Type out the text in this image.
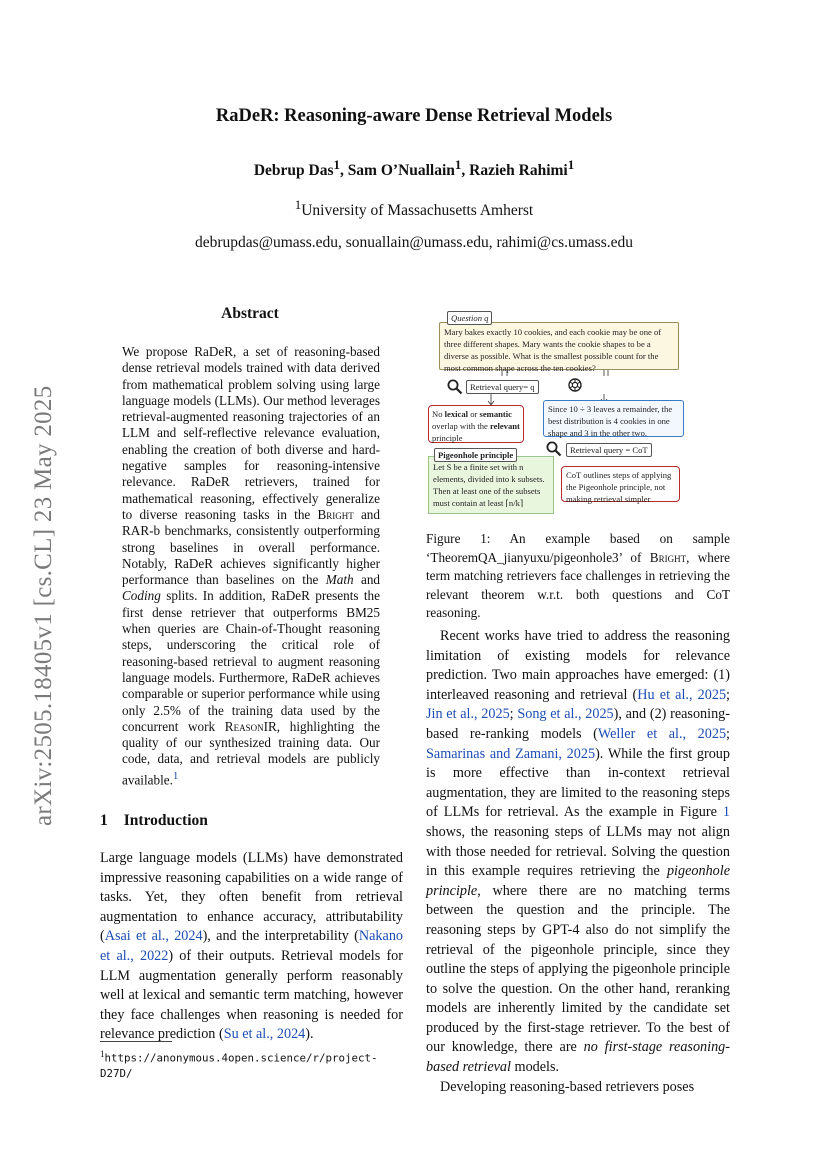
RaDeR: Reasoning-aware Dense Retrieval Models
Debrup Das$^1$, Sam O’Nuallain$^1$, Razieh Rahimi$^1$
$^1$University of Massachusetts Amherst
debrupdas@umass.edu, sonuallain@umass.edu, rahimi@cs.umass.edu
arXiv:2505.18405v1 [cs.CL] 23 May 2025
Abstract
We propose RaDeR, a set of reasoning-based dense retrieval models trained with data derived from mathematical problem solving using large language models (LLMs). Our method leverages retrieval-augmented reasoning trajectories of an LLM and self-reflective relevance evaluation, enabling the creation of both diverse and hard-negative samples for reasoning-intensive relevance. RaDeR retrievers, trained for mathematical reasoning, effectively generalize to diverse reasoning tasks in the Bright and RAR-b benchmarks, consistently outperforming strong baselines in overall performance. Notably, RaDeR achieves significantly higher performance than baselines on the Math and Coding splits. In addition, RaDeR presents the first dense retriever that outperforms BM25 when queries are Chain-of-Thought reasoning steps, underscoring the critical role of reasoning-based retrieval to augment reasoning language models. Furthermore, RaDeR achieves comparable or superior performance while using only 2.5% of the training data used by the concurrent work ReasonIR, highlighting the quality of our synthesized training data. Our code, data, and retrieval models are publicly available.$^1$
1 Introduction
Large language models (LLMs) have demonstrated impressive reasoning capabilities on a wide range of tasks. Yet, they often benefit from retrieval augmentation to enhance accuracy, attributability (Asai et al., 2024), and the interpretability (Nakano et al., 2022) of their outputs. Retrieval models for LLM augmentation generally perform reasonably well at lexical and semantic term matching, however they face challenges when reasoning is needed for relevance prediction (Su et al., 2024).
$^1$https://anonymous.4open.science/r/project-D27D/
Mary bakes exactly 10 cookies, and each cookie may be one of three different shapes. Mary wants the cookie shapes to be a diverse as possible. What is the smallest possible count for the most common shape across the ten cookies?
Question q
Retrieval query= q
No lexical or semantic overlap with the relevant principle
Since 10 ÷ 3 leaves a remainder, the best distribution is 4 cookies in one shape and 3 in the other two.
Retrieval query = CoT
Let S be a finite set with n elements, divided into k subsets. Then at least one of the subsets must contain at least ⌈n/k⌉
Pigeonhole principle
CoT outlines steps of applying the Pigeonhole principle, not making retrieval simpler
Figure 1: An example based on sample ‘TheoremQA_jianyuxu/pigeonhole3’ of Bright, where term matching retrievers face challenges in retrieving the relevant theorem w.r.t. both questions and CoT reasoning.
Recent works have tried to address the reasoning limitation of existing models for relevance prediction. Two main approaches have emerged: (1) interleaved reasoning and retrieval (Hu et al., 2025; Jin et al., 2025; Song et al., 2025), and (2) reasoning-based re-ranking models (Weller et al., 2025; Samarinas and Zamani, 2025). While the first group is more effective than in-context retrieval augmentation, they are limited to the reasoning steps of LLMs for retrieval. As the example in Figure 1 shows, the reasoning steps of LLMs may not align with those needed for retrieval. Solving the question in this example requires retrieving the pigeonhole principle, where there are no matching terms between the question and the principle. The reasoning steps by GPT-4 also do not simplify the retrieval of the pigeonhole principle, since they outline the steps of applying the pigeonhole principle to solve the question. On the other hand, reranking models are inherently limited by the candidate set produced by the first-stage retriever. To the best of our knowledge, there are no first-stage reasoning-based retrieval models.
Developing reasoning-based retrievers poses
